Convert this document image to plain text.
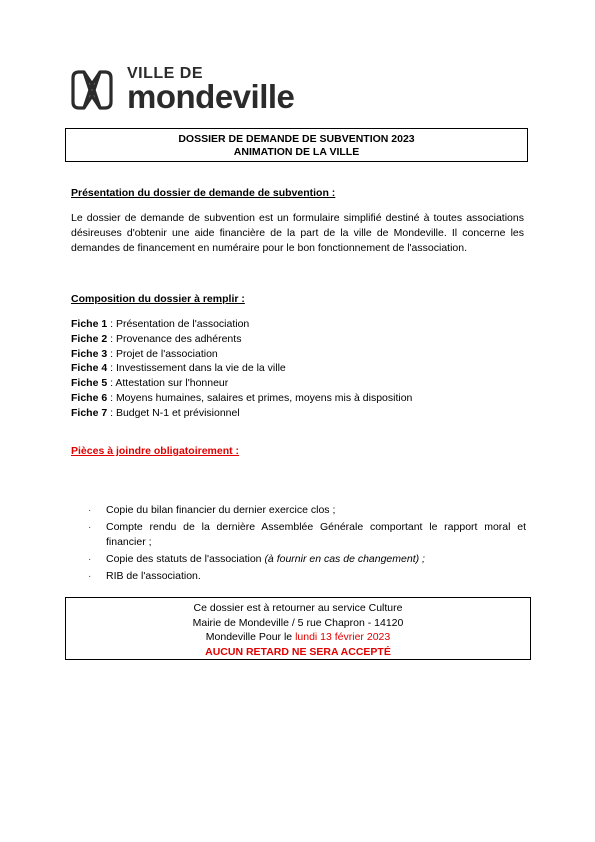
VILLE DE
mondeville
DOSSIER DE DEMANDE DE SUBVENTION 2023
ANIMATION DE LA VILLE
Présentation du dossier de demande de subvention :
Le dossier de demande de subvention est un formulaire simplifié destiné à toutes associations désireuses d'obtenir une aide financière de la part de la ville de Mondeville. Il concerne les demandes de financement en numéraire pour le bon fonctionnement de l'association.
Composition du dossier à remplir :
Fiche 1 : Présentation de l'association
Fiche 2 : Provenance des adhérents
Fiche 3 : Projet de l'association
Fiche 4 : Investissement dans la vie de la ville
Fiche 5 : Attestation sur l'honneur
Fiche 6 : Moyens humaines, salaires et primes, moyens mis à disposition
Fiche 7 : Budget N-1 et prévisionnel
Pièces à joindre obligatoirement :
· Copie du bilan financier du dernier exercice clos ;
· Compte rendu de la dernière Assemblée Générale comportant le rapport moral et financier ;
· Copie des statuts de l'association (à fournir en cas de changement) ;
· RIB de l'association.
Ce dossier est à retourner au service Culture
Mairie de Mondeville / 5 rue Chapron - 14120
Mondeville Pour le lundi 13 février 2023
AUCUN RETARD NE SERA ACCEPTÉ
